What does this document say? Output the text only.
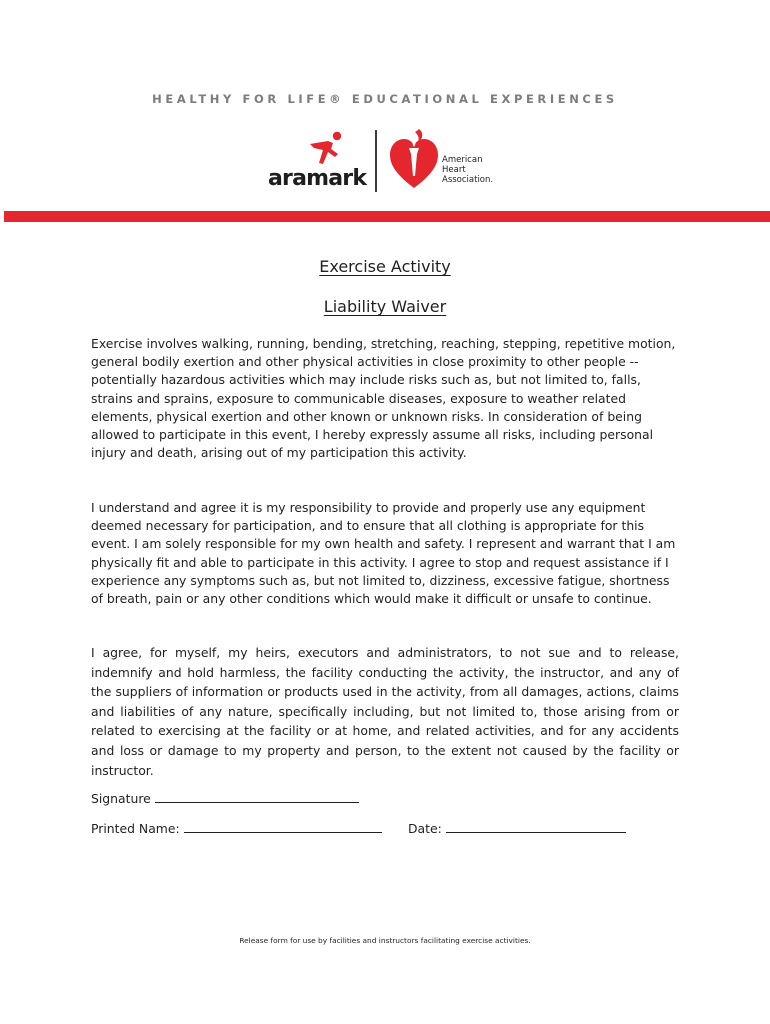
HEALTHY FOR LIFE® EDUCATIONAL EXPERIENCES
aramark
American
Heart
Association.
Exercise Activity
Liability Waiver

Exercise involves walking, running, bending, stretching, reaching, stepping, repetitive motion, general bodily exertion and other physical activities in close proximity to other people -- potentially hazardous activities which may include risks such as, but not limited to, falls, strains and sprains, exposure to communicable diseases, exposure to weather related elements, physical exertion and other known or unknown risks. In consideration of being allowed to participate in this event, I hereby expressly assume all risks, including personal injury and death, arising out of my participation this activity.

I understand and agree it is my responsibility to provide and properly use any equipment deemed necessary for participation, and to ensure that all clothing is appropriate for this event. I am solely responsible for my own health and safety. I represent and warrant that I am physically fit and able to participate in this activity. I agree to stop and request assistance if I experience any symptoms such as, but not limited to, dizziness, excessive fatigue, shortness of breath, pain or any other conditions which would make it difficult or unsafe to continue.

I agree, for myself, my heirs, executors and administrators, to not sue and to release, indemnify and hold harmless, the facility conducting the activity, the instructor, and any of the suppliers of information or products used in the activity, from all damages, actions, claims and liabilities of any nature, specifically including, but not limited to, those arising from or related to exercising at the facility or at home, and related activities, and for any accidents and loss or damage to my property and person, to the extent not caused by the facility or instructor.

Signature
Printed Name:	Date:
Release form for use by facilities and instructors facilitating exercise activities.
